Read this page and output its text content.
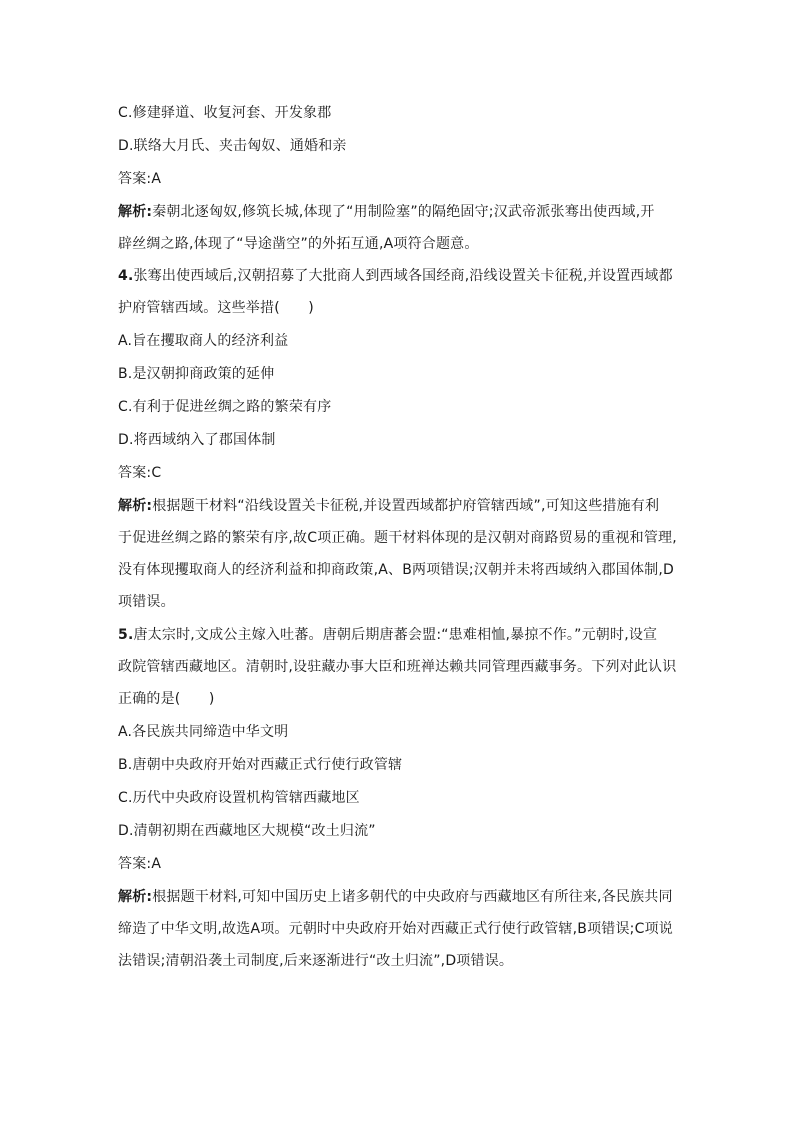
C.修建驿道、收复河套、开发象郡
D.联络大月氏、夹击匈奴、通婚和亲
答案:A
解析:秦朝北逐匈奴,修筑长城,体现了“用制险塞”的隔绝固守;汉武帝派张骞出使西域,开
辟丝绸之路,体现了“导途凿空”的外拓互通,A项符合题意。
4.张骞出使西域后,汉朝招募了大批商人到西域各国经商,沿线设置关卡征税,并设置西域都
护府管辖西域。这些举措(　　)
A.旨在攫取商人的经济利益
B.是汉朝抑商政策的延伸
C.有利于促进丝绸之路的繁荣有序
D.将西域纳入了郡国体制
答案:C
解析:根据题干材料“沿线设置关卡征税,并设置西域都护府管辖西域”,可知这些措施有利
于促进丝绸之路的繁荣有序,故C项正确。题干材料体现的是汉朝对商路贸易的重视和管理,
没有体现攫取商人的经济利益和抑商政策,A、B两项错误;汉朝并未将西域纳入郡国体制,D
项错误。
5.唐太宗时,文成公主嫁入吐蕃。唐朝后期唐蕃会盟:“患难相恤,暴掠不作。”元朝时,设宣
政院管辖西藏地区。清朝时,设驻藏办事大臣和班禅达赖共同管理西藏事务。下列对此认识
正确的是(　　)
A.各民族共同缔造中华文明
B.唐朝中央政府开始对西藏正式行使行政管辖
C.历代中央政府设置机构管辖西藏地区
D.清朝初期在西藏地区大规模“改土归流”
答案:A
解析:根据题干材料,可知中国历史上诸多朝代的中央政府与西藏地区有所往来,各民族共同
缔造了中华文明,故选A项。元朝时中央政府开始对西藏正式行使行政管辖,B项错误;C项说
法错误;清朝沿袭土司制度,后来逐渐进行“改土归流”,D项错误。
